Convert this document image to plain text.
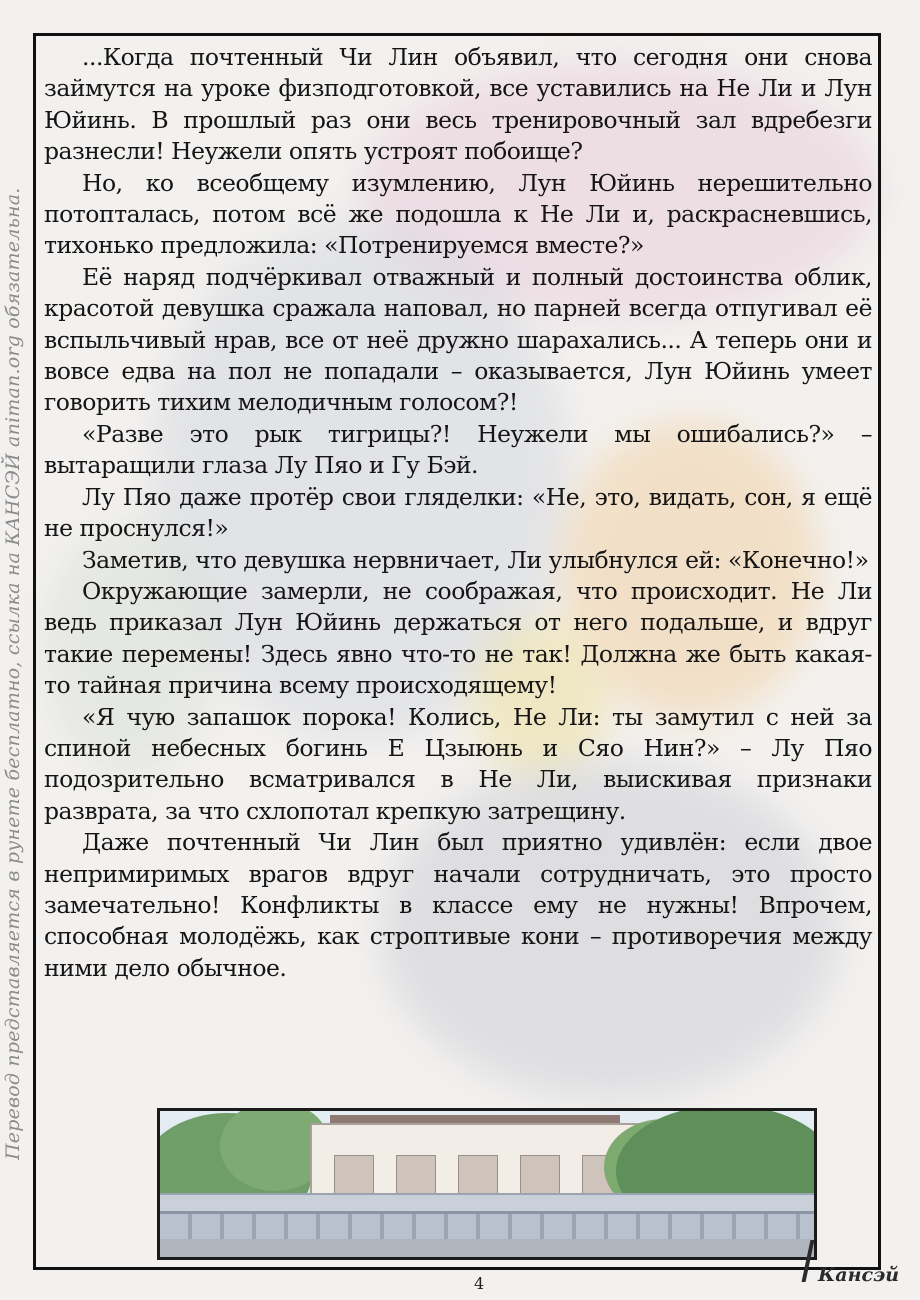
Перевод представляется в рунете бесплатно, ссылка на КАНСЭЙ animan.org обязательна.

...Когда почтенный Чи Лин объявил, что сегодня они снова займутся на уроке физподготовкой, все уставились на Не Ли и Лун Юйинь. В прошлый раз они весь тренировочный зал вдребезги разнесли! Неужели опять устроят побоище?

Но, ко всеобщему изумлению, Лун Юйинь нерешительно потопталась, потом всё же подошла к Не Ли и, раскрасневшись, тихонько предложила: «Потренируемся вместе?»

Её наряд подчёркивал отважный и полный достоинства облик, красотой девушка сражала наповал, но парней всегда отпугивал её вспыльчивый нрав, все от неё дружно шарахались... А теперь они и вовсе едва на пол не попадали – оказывается, Лун Юйинь умеет говорить тихим мелодичным голосом?!

«Разве это рык тигрицы?! Неужели мы ошибались?» – вытаращили глаза Лу Пяо и Гу Бэй.

Лу Пяо даже протёр свои гляделки: «Не, это, видать, сон, я ещё не проснулся!»

Заметив, что девушка нервничает, Ли улыбнулся ей: «Конечно!»

Окружающие замерли, не соображая, что происходит. Не Ли ведь приказал Лун Юйинь держаться от него подальше, и вдруг такие перемены! Здесь явно что-то не так! Должна же быть какая-то тайная причина всему происходящему!

«Я чую запашок порока! Колись, Не Ли: ты замутил с ней за спиной небесных богинь Е Цзыюнь и Сяо Нин?» – Лу Пяо подозрительно всматривался в Не Ли, выискивая признаки разврата, за что схлопотал крепкую затрещину.

Даже почтенный Чи Лин был приятно удивлён: если двое непримиримых врагов вдруг начали сотрудничать, это просто замечательно! Конфликты в классе ему не нужны! Впрочем, способная молодёжь, как строптивые кони – противоречия между ними дело обычное.

4	Кансэй
